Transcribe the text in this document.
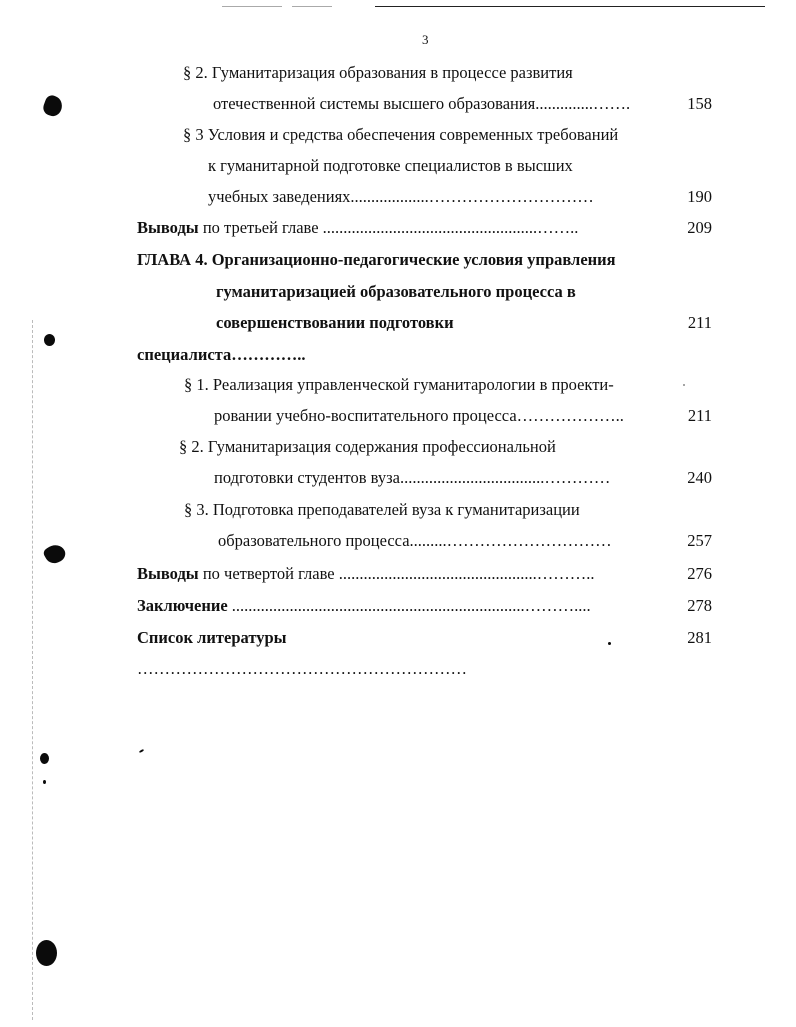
3
§ 2. Гуманитаризация образования в процессе развития
отечественной системы высшего образования..............…….	158
§ 3 Условия и средства обеспечения современных требований
к гуманитарной подготовке специалистов в высших
учебных заведениях...................…………………………	190
Выводы по третьей главе ....................................................……..	209
ГЛАВА 4. Организационно-педагогические условия управления
гуманитаризацией образовательного процесса в
совершенствовании подготовки	211
специалиста…………..
§ 1. Реализация управленческой гуманитарологии в проекти-
ровании учебно-воспитательного процесса………………..	211
§ 2. Гуманитаризация содержания профессиональной
подготовки студентов вуза...................................…………	240
§ 3. Подготовка преподавателей вуза к гуманитаризации
образовательного процесса.........…………………………	257
Выводы по четвертой главе ................................................………..	276
Заключение .......................................................................………....	278
Список литературы	281
……………………………………………………
